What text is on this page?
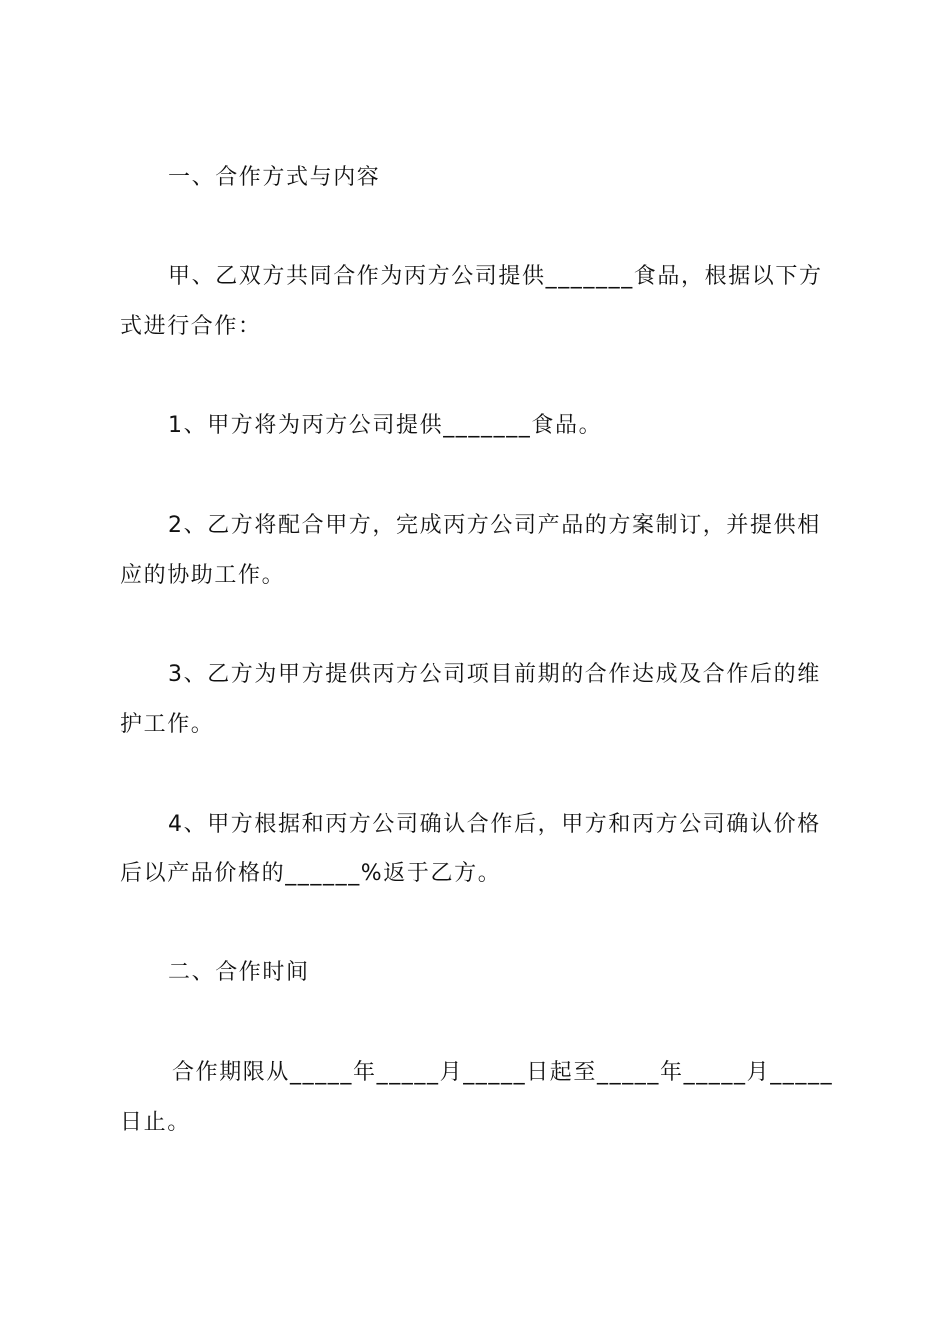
一、合作方式与内容
甲、乙双方共同合作为丙方公司提供_______食品，根据以下方
式进行合作：
1、甲方将为丙方公司提供_______食品。
2、乙方将配合甲方，完成丙方公司产品的方案制订，并提供相
应的协助工作。
3、乙方为甲方提供丙方公司项目前期的合作达成及合作后的维
护工作。
4、甲方根据和丙方公司确认合作后，甲方和丙方公司确认价格
后以产品价格的______%返于乙方。
二、合作时间
合作期限从_____年_____月_____日起至_____年_____月_____
日止。
